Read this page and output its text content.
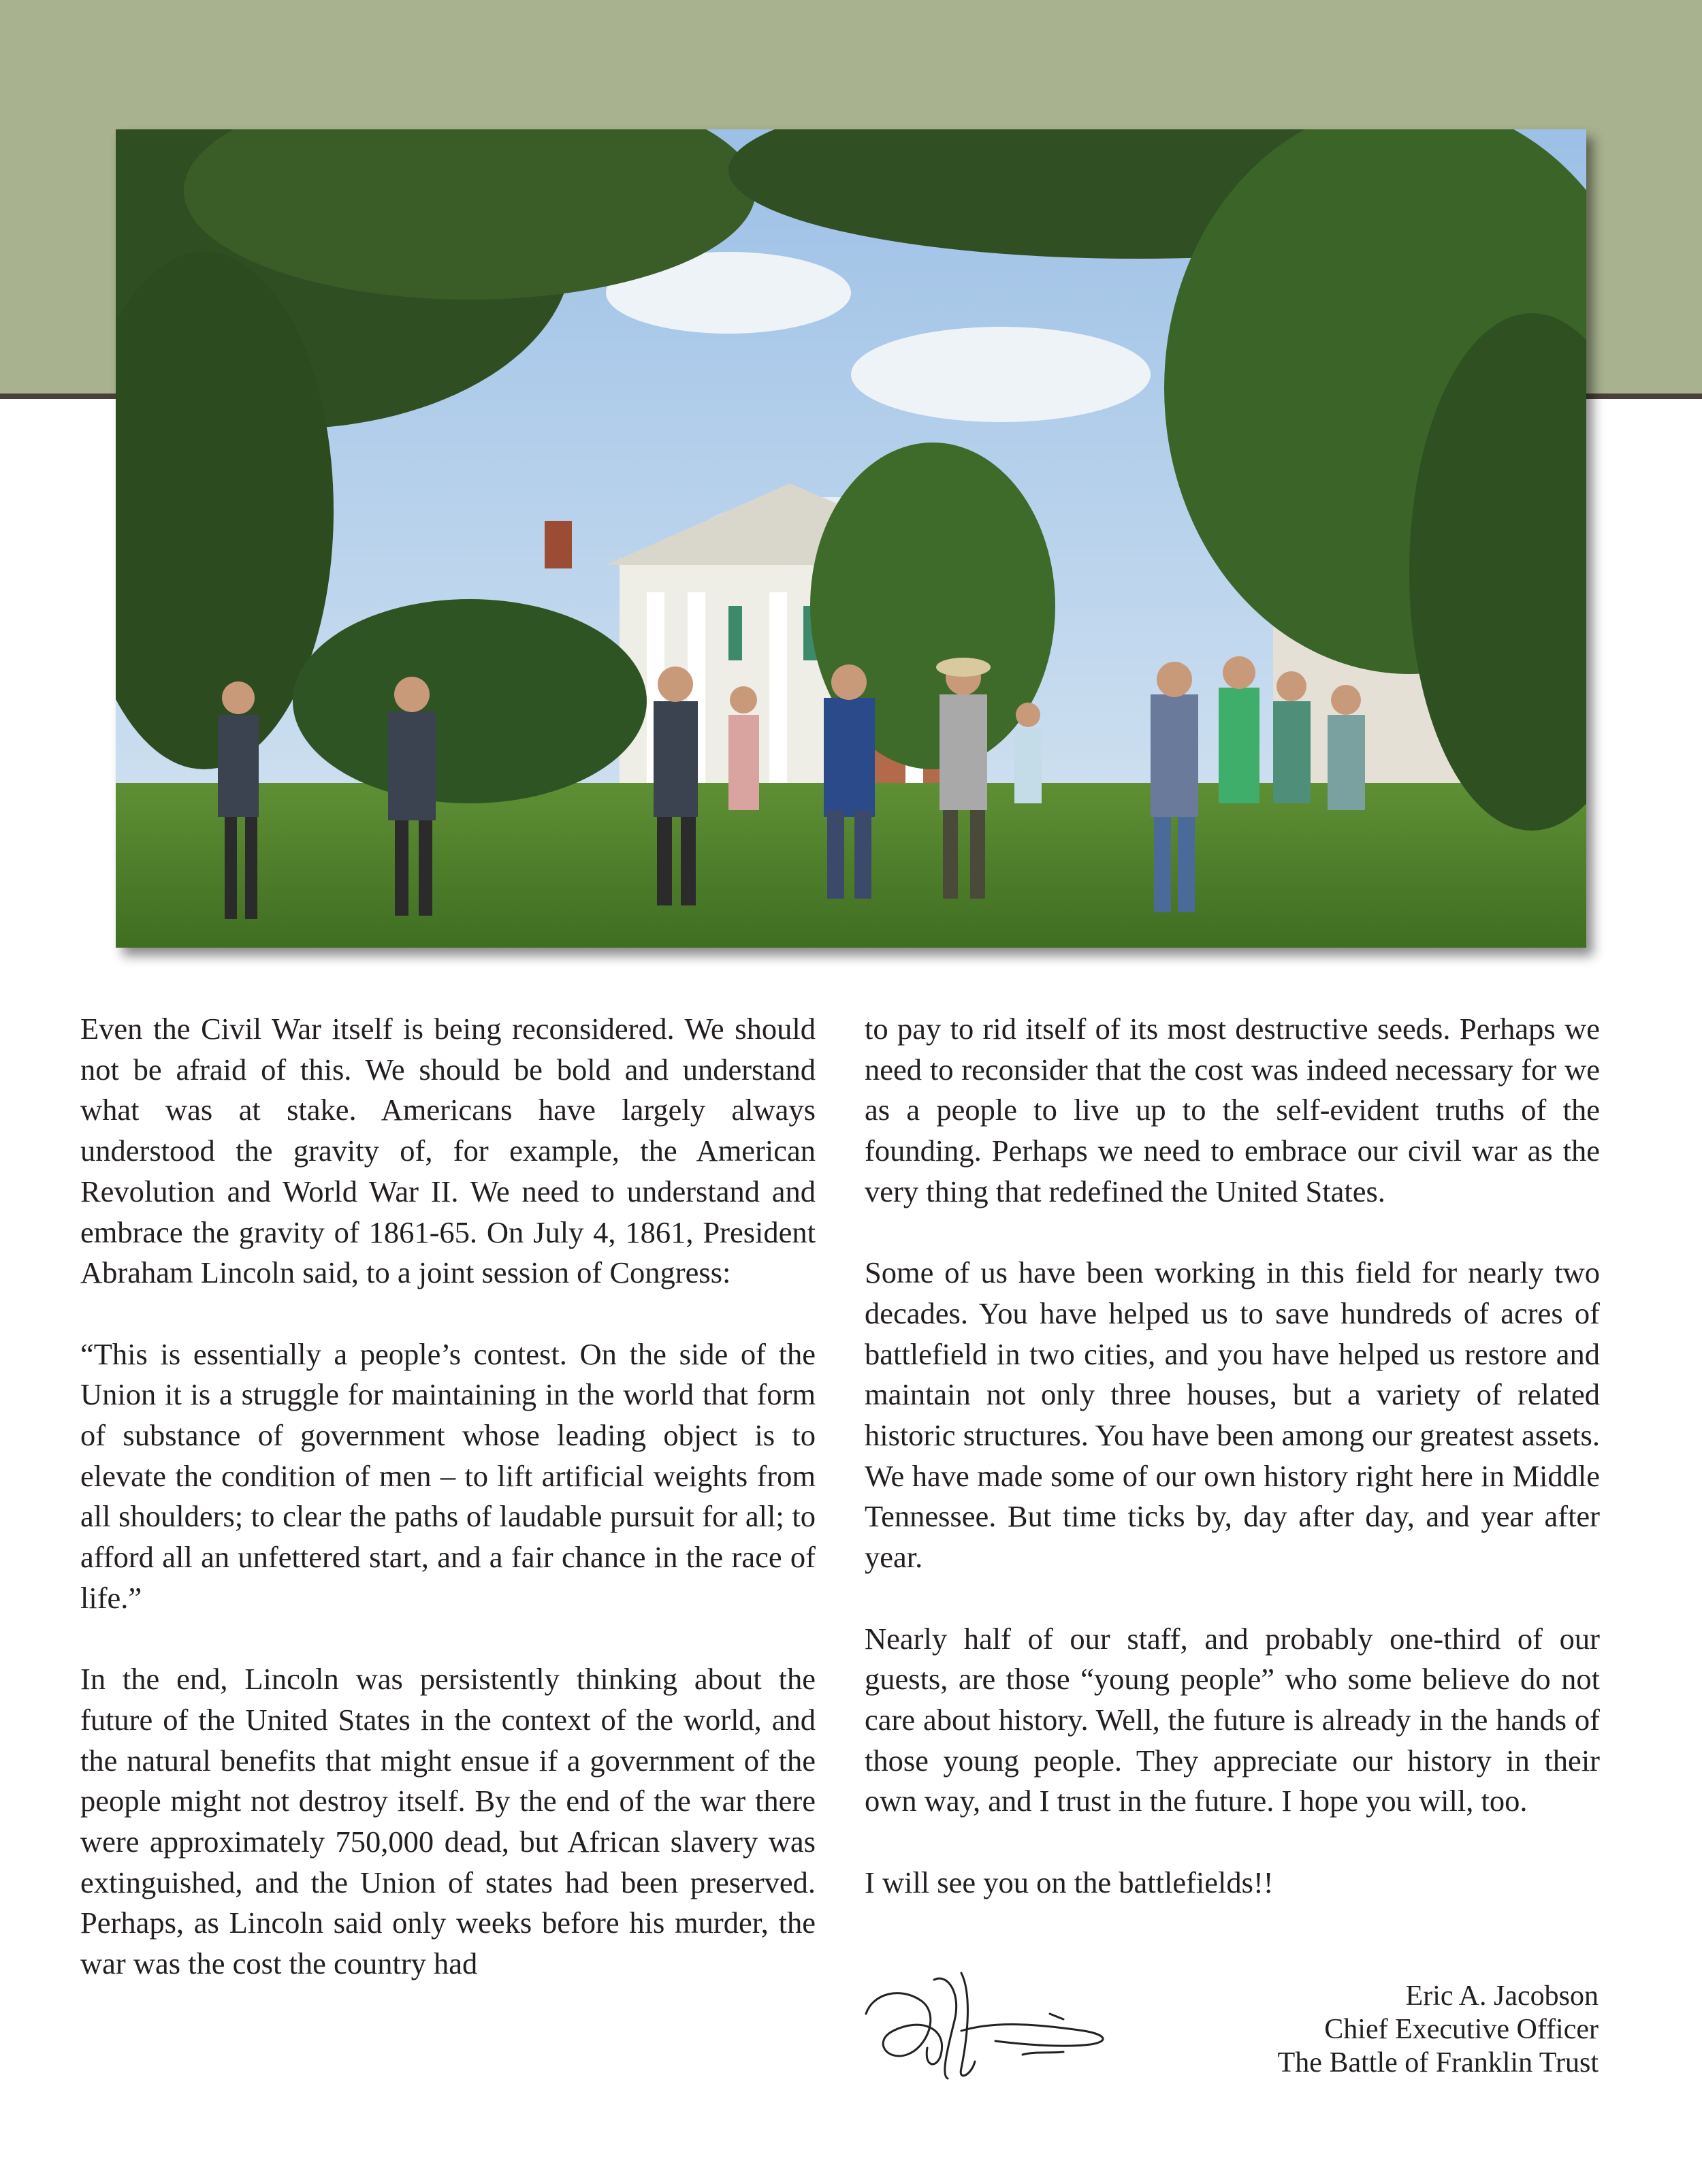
Even the Civil War itself is being reconsidered. We should not be afraid of this. We should be bold and understand what was at stake. Americans have largely always understood the gravity of, for example, the American Revolution and World War II. We need to understand and embrace the gravity of 1861-65. On July 4, 1861, President Abraham Lincoln said, to a joint session of Congress:

“This is essentially a people’s contest. On the side of the Union it is a struggle for maintaining in the world that form of substance of government whose leading object is to elevate the condition of men – to lift artificial weights from all shoulders; to clear the paths of laudable pursuit for all; to afford all an unfettered start, and a fair chance in the race of life.”

In the end, Lincoln was persistently thinking about the future of the United States in the context of the world, and the natural benefits that might ensue if a government of the people might not destroy itself. By the end of the war there were approximately 750,000 dead, but African slavery was extinguished, and the Union of states had been preserved. Perhaps, as Lincoln said only weeks before his murder, the war was the cost the country had

to pay to rid itself of its most destructive seeds. Perhaps we need to reconsider that the cost was indeed necessary for we as a people to live up to the self-evident truths of the founding. Perhaps we need to embrace our civil war as the very thing that redefined the United States.

Some of us have been working in this field for nearly two decades. You have helped us to save hundreds of acres of battlefield in two cities, and you have helped us restore and maintain not only three houses, but a variety of related historic structures. You have been among our greatest assets. We have made some of our own history right here in Middle Tennessee. But time ticks by, day after day, and year after year.

Nearly half of our staff, and probably one-third of our guests, are those “young people” who some believe do not care about history. Well, the future is already in the hands of those young people. They appreciate our history in their own way, and I trust in the future. I hope you will, too.

I will see you on the battlefields!!

Eric A. Jacobson
Chief Executive Officer
The Battle of Franklin Trust
